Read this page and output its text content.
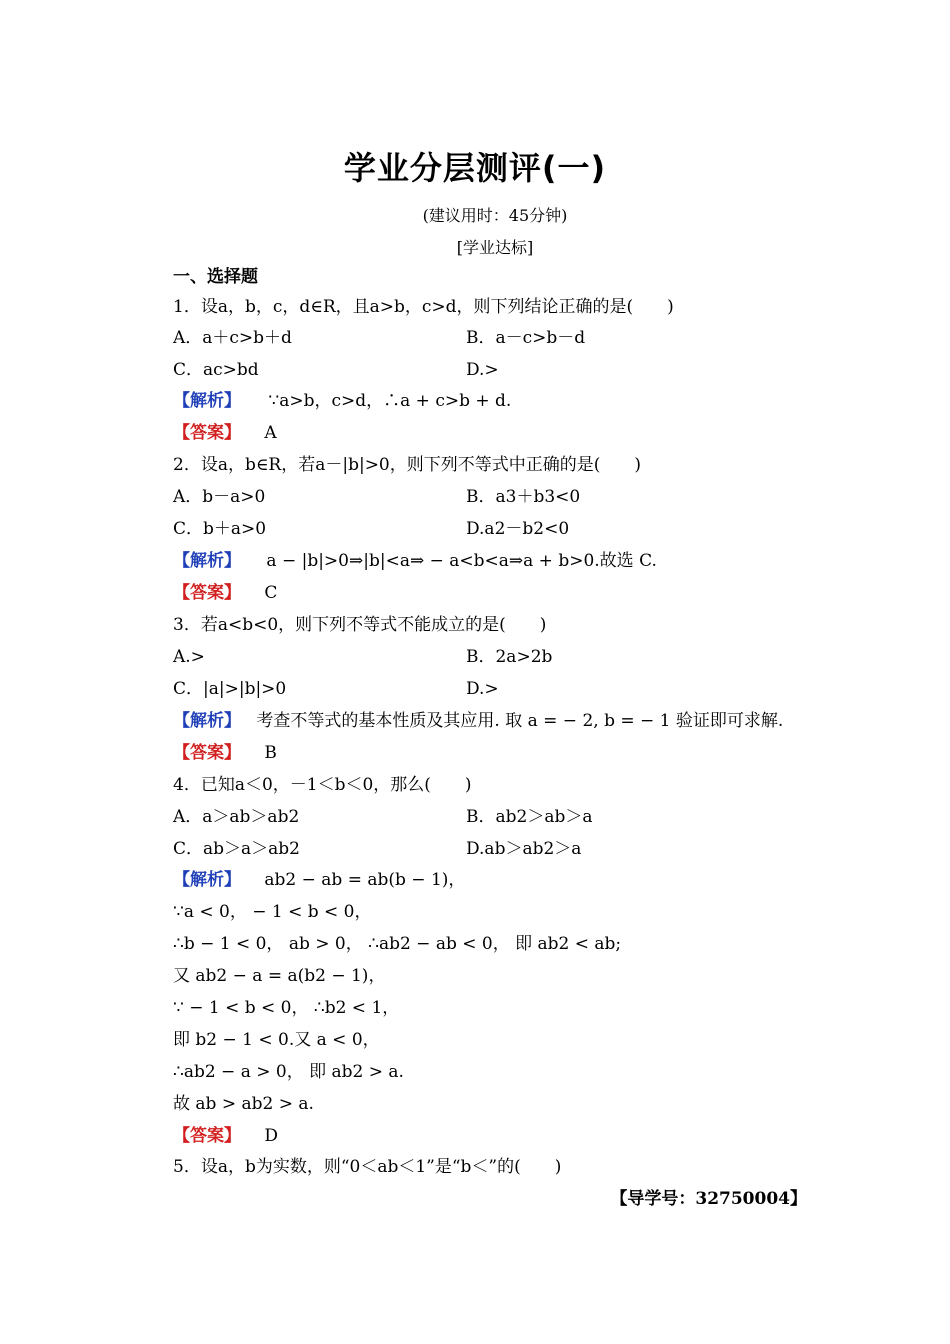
学业分层测评(一)
(建议用时：45分钟)
[学业达标]
一、选择题
1．设a，b，c，d∈R，且a>b，c>d，则下列结论正确的是(　　)
A．a＋c>b＋d	B．a－c>b－d
C．ac>bd	D.>
【解析】 ∵a>b，c>d，∴a + c>b + d.
【答案】 A
2．设a，b∈R，若a－|b|>0，则下列不等式中正确的是(　　)
A．b－a>0	B．a3＋b3<0
C．b＋a>0	D.a2－b2<0
【解析】 a − |b|>0⇒|b|<a⇒ − a<b<a⇒a + b>0.故选 C.
【答案】 C
3．若a<b<0，则下列不等式不能成立的是(　　)
A.>	B．2a>2b
C．|a|>|b|>0	D.>
【解析】 考查不等式的基本性质及其应用. 取 a = − 2, b = − 1 验证即可求解.
【答案】 B
4．已知a＜0，－1＜b＜0，那么(　　)
A．a＞ab＞ab2	B．ab2＞ab＞a
C．ab＞a＞ab2	D.ab＞ab2＞a
【解析】 ab2 − ab = ab(b − 1)，
∵a < 0， − 1 < b < 0，
∴b − 1 < 0， ab > 0， ∴ab2 − ab < 0， 即 ab2 < ab;
又 ab2 − a = a(b2 − 1)，
∵ − 1 < b < 0， ∴b2 < 1，
即 b2 − 1 < 0.又 a < 0，
∴ab2 − a > 0， 即 ab2 > a.
故 ab > ab2 > a.
【答案】 D
5．设a，b为实数，则“0＜ab＜1”是“b＜”的(　　)
【导学号：32750004】
